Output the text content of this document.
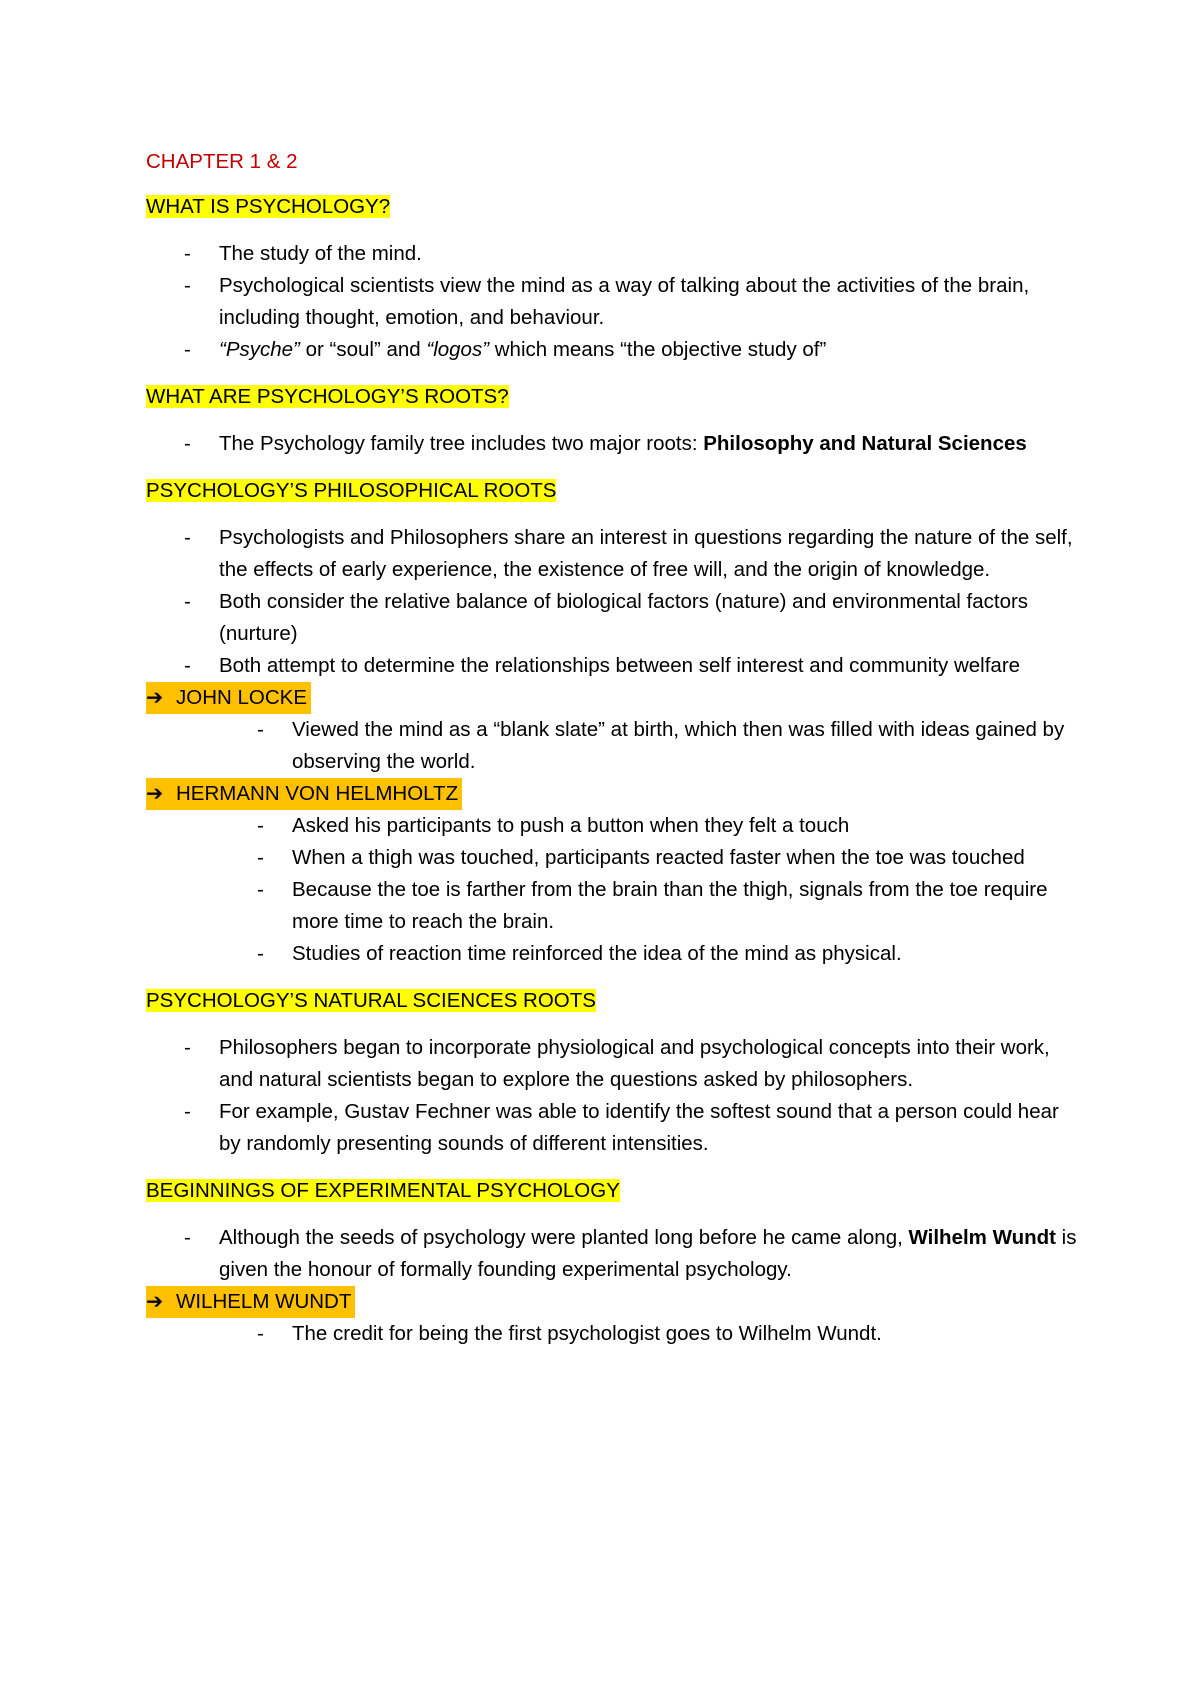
CHAPTER 1 & 2
WHAT IS PSYCHOLOGY?
- The study of the mind.
- Psychological scientists view the mind as a way of talking about the activities of the brain, including thought, emotion, and behaviour.
- “Psyche” or “soul” and “logos” which means “the objective study of”
WHAT ARE PSYCHOLOGY’S ROOTS?
- The Psychology family tree includes two major roots: Philosophy and Natural Sciences
PSYCHOLOGY’S PHILOSOPHICAL ROOTS
- Psychologists and Philosophers share an interest in questions regarding the nature of the self, the effects of early experience, the existence of free will, and the origin of knowledge.
- Both consider the relative balance of biological factors (nature) and environmental factors (nurture)
- Both attempt to determine the relationships between self interest and community welfare
➔ JOHN LOCKE
- Viewed the mind as a “blank slate” at birth, which then was filled with ideas gained by observing the world.
➔ HERMANN VON HELMHOLTZ
- Asked his participants to push a button when they felt a touch
- When a thigh was touched, participants reacted faster when the toe was touched
- Because the toe is farther from the brain than the thigh, signals from the toe require more time to reach the brain.
- Studies of reaction time reinforced the idea of the mind as physical.
PSYCHOLOGY’S NATURAL SCIENCES ROOTS
- Philosophers began to incorporate physiological and psychological concepts into their work, and natural scientists began to explore the questions asked by philosophers.
- For example, Gustav Fechner was able to identify the softest sound that a person could hear by randomly presenting sounds of different intensities.
BEGINNINGS OF EXPERIMENTAL PSYCHOLOGY
- Although the seeds of psychology were planted long before he came along, Wilhelm Wundt is given the honour of formally founding experimental psychology.
➔ WILHELM WUNDT
- The credit for being the first psychologist goes to Wilhelm Wundt.
